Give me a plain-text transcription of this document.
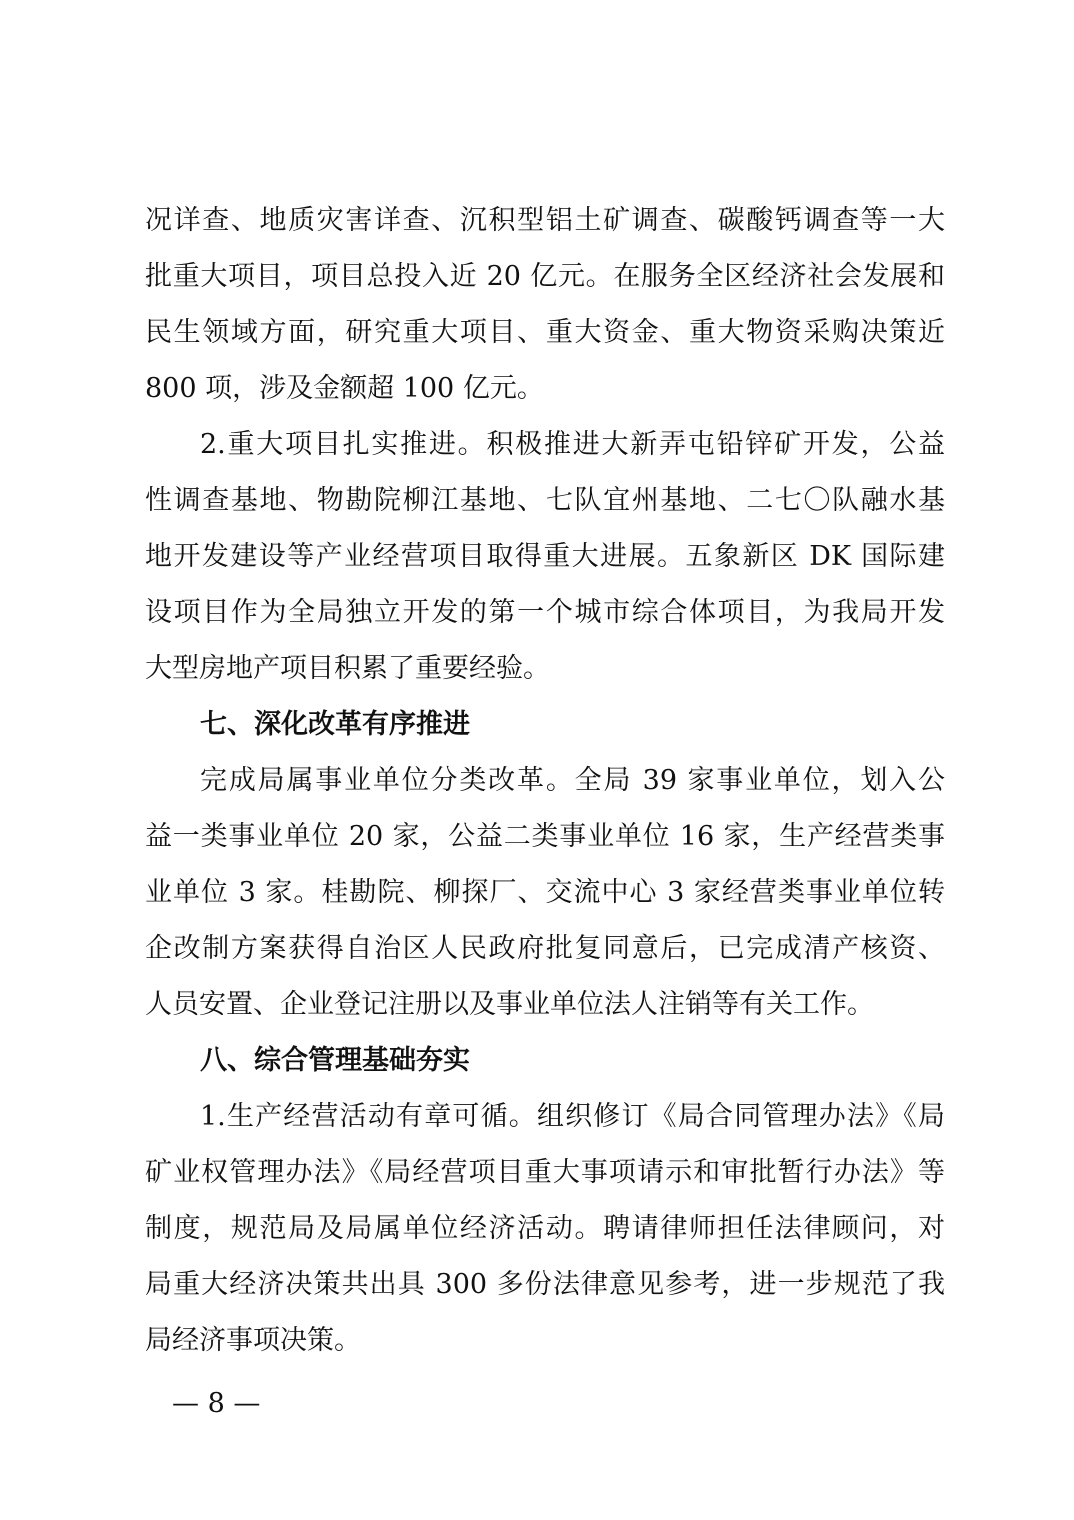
况详查、地质灾害详查、沉积型铝土矿调查、碳酸钙调查等一大
批重大项目，项目总投入近 20 亿元。在服务全区经济社会发展和
民生领域方面，研究重大项目、重大资金、重大物资采购决策近
800 项，涉及金额超 100 亿元。
2.重大项目扎实推进。积极推进大新弄屯铅锌矿开发，公益
性调查基地、物勘院柳江基地、七队宜州基地、二七〇队融水基
地开发建设等产业经营项目取得重大进展。五象新区 DK 国际建
设项目作为全局独立开发的第一个城市综合体项目，为我局开发
大型房地产项目积累了重要经验。
七、深化改革有序推进
完成局属事业单位分类改革。全局 39 家事业单位，划入公
益一类事业单位 20 家，公益二类事业单位 16 家，生产经营类事
业单位 3 家。桂勘院、柳探厂、交流中心 3 家经营类事业单位转
企改制方案获得自治区人民政府批复同意后，已完成清产核资、
人员安置、企业登记注册以及事业单位法人注销等有关工作。
八、综合管理基础夯实
1.生产经营活动有章可循。组织修订《局合同管理办法》《局
矿业权管理办法》《局经营项目重大事项请示和审批暂行办法》等
制度，规范局及局属单位经济活动。聘请律师担任法律顾问，对
局重大经济决策共出具 300 多份法律意见参考，进一步规范了我
局经济事项决策。
— 8 —
